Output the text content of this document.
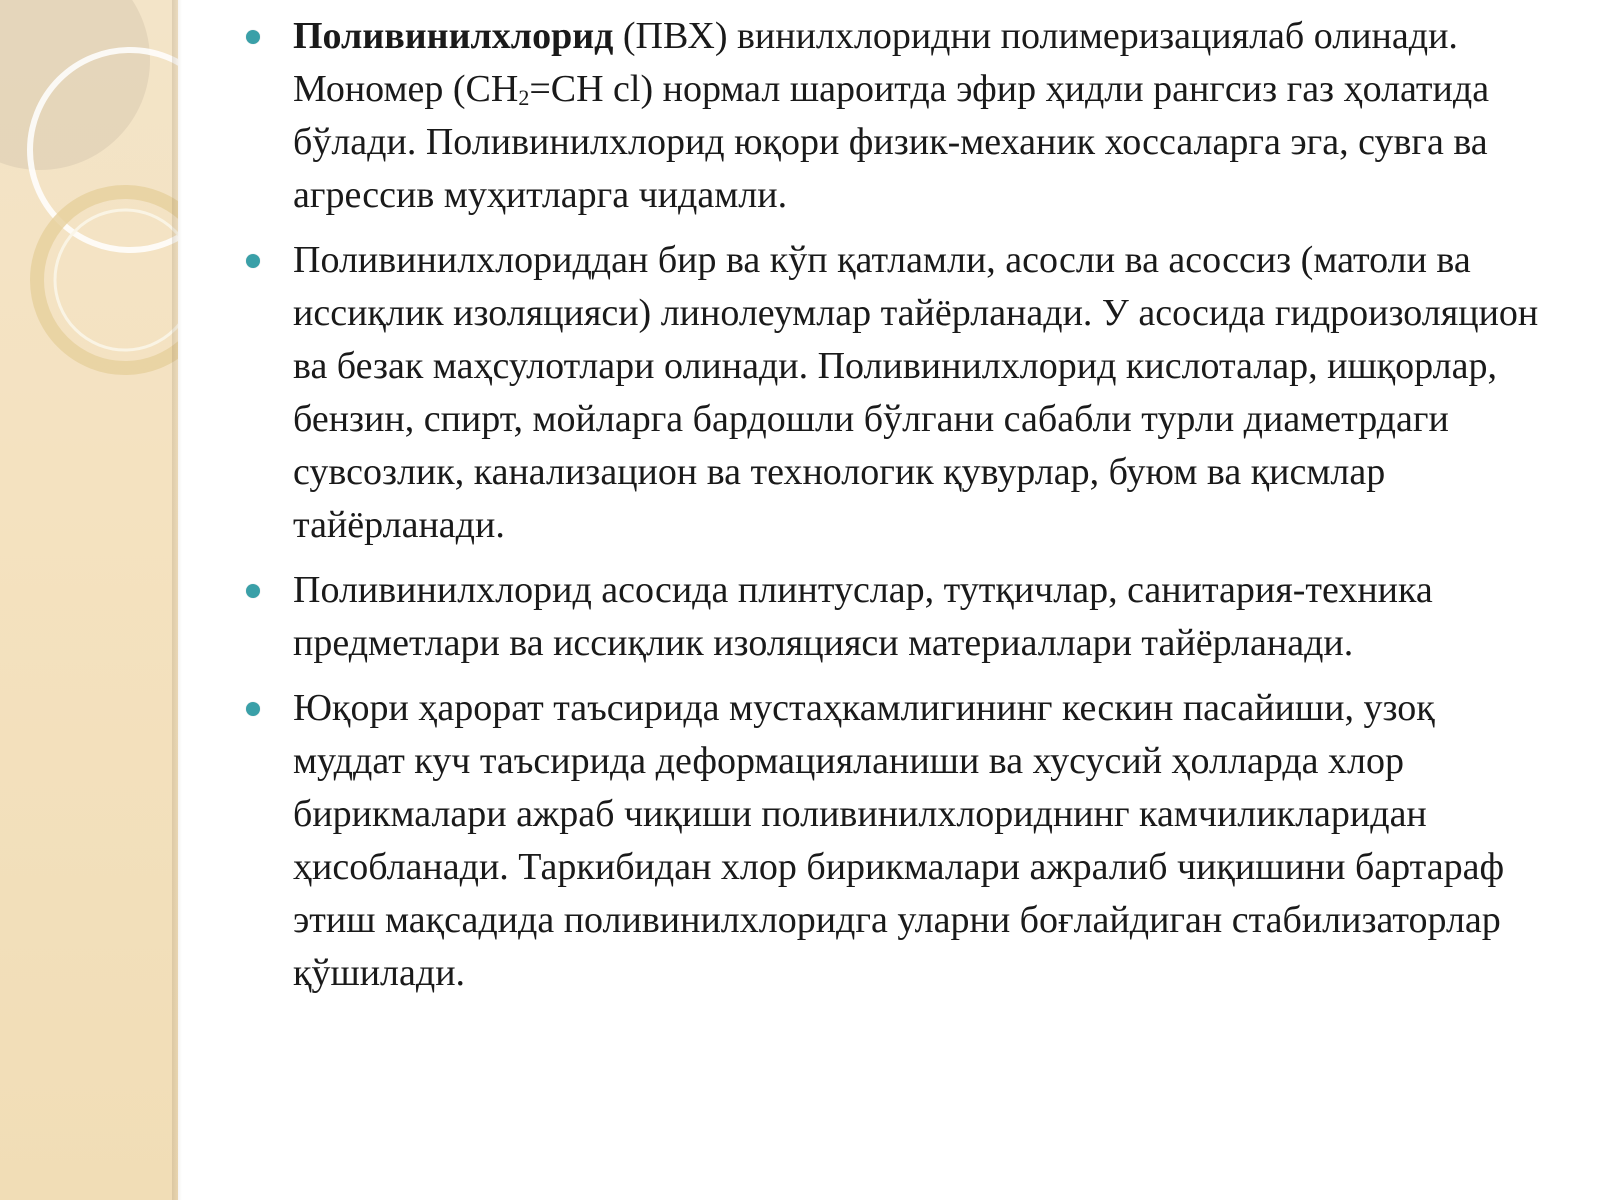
Поливинилхлорид (ПВХ) винилхлоридни полимеризациялаб олинади. Мономер ($CH_2=CH$ cl) нормал шароитда эфир ҳидли рангсиз газ ҳолатида бўлади. Поливинилхлорид юқори физик-механик хоссаларга эга, сувга ва агрессив муҳитларга чидамли.
Поливинилхлориддан бир ва кўп қатламли, асосли ва асоссиз (матоли ва иссиқлик изоляцияси) линолеумлар тайёрланади. У асосида гидроизоляцион ва безак маҳсулотлари олинади. Поливинилхлорид кислоталар, ишқорлар, бензин, спирт, мойларга бардошли бўлгани сабабли турли диаметрдаги сувсозлик, канализацион ва технологик қувурлар, буюм ва қисмлар тайёрланади.
Поливинилхлорид асосида плинтуслар, тутқичлар, санитария-техника предметлари ва иссиқлик изоляцияси материаллари тайёрланади.
Юқори ҳарорат таъсирида мустаҳкамлигининг кескин пасайиши, узоқ муддат куч таъсирида деформацияланиши ва хусусий ҳолларда хлор бирикмалари ажраб чиқиши поливинилхлориднинг камчиликларидан ҳисобланади. Таркибидан хлор бирикмалари ажралиб чиқишини бартараф этиш мақсадида поливинилхлоридга уларни боғлайдиган стабилизаторлар қўшилади.
